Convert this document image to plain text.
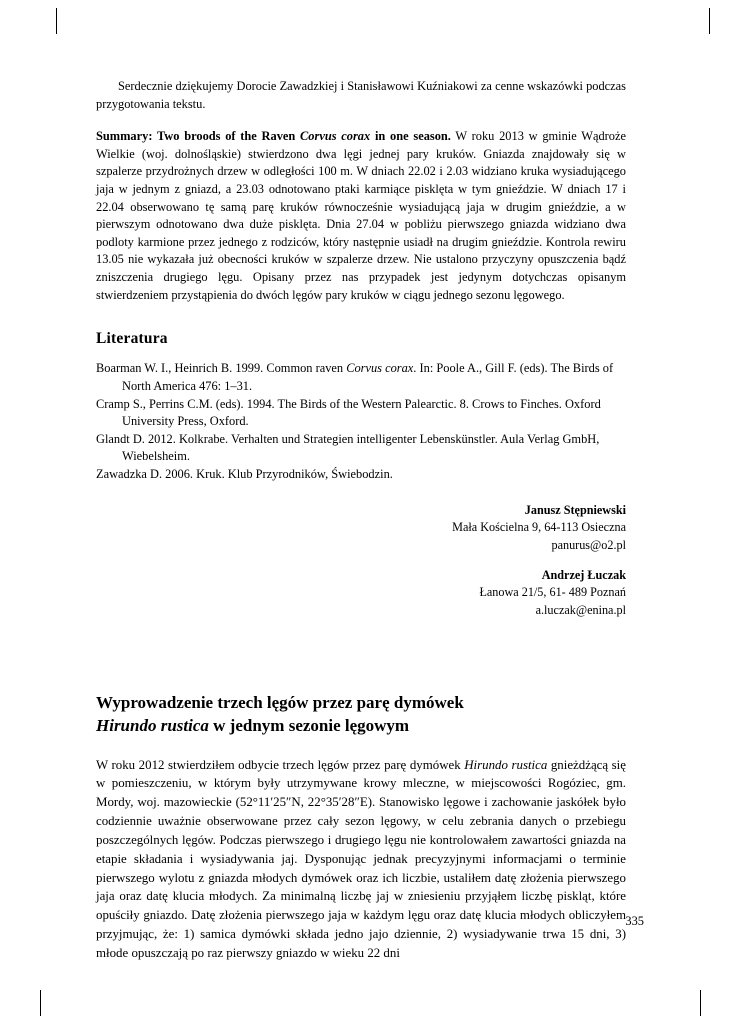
Serdecznie dziękujemy Dorocie Zawadzkiej i Stanisławowi Kuźniakowi za cenne wskazówki podczas przygotowania tekstu.

Summary: Two broods of the Raven Corvus corax in one season. W roku 2013 w gminie Wądroże Wielkie (woj. dolnośląskie) stwierdzono dwa lęgi jednej pary kruków. Gniazda znajdowały się w szpalerze przydrożnych drzew w odległości 100 m. W dniach 22.02 i 2.03 widziano kruka wysiadującego jaja w jednym z gniazd, a 23.03 odnotowano ptaki karmiące pisklęta w tym gnieździe. W dniach 17 i 22.04 obserwowano tę samą parę kruków równocześnie wysiadującą jaja w drugim gnieździe, a w pierwszym odnotowano dwa duże pisklęta. Dnia 27.04 w pobliżu pierwszego gniazda widziano dwa podloty karmione przez jednego z rodziców, który następnie usiadł na drugim gnieździe. Kontrola rewiru 13.05 nie wykazała już obecności kruków w szpalerze drzew. Nie ustalono przyczyny opuszczenia bądź zniszczenia drugiego lęgu. Opisany przez nas przypadek jest jedynym dotychczas opisanym stwierdzeniem przystąpienia do dwóch lęgów pary kruków w ciągu jednego sezonu lęgowego.

Literatura

Boarman W. I., Heinrich B. 1999. Common raven Corvus corax. In: Poole A., Gill F. (eds). The Birds of North America 476: 1–31.

Cramp S., Perrins C.M. (eds). 1994. The Birds of the Western Palearctic. 8. Crows to Finches. Oxford University Press, Oxford.

Glandt D. 2012. Kolkrabe. Verhalten und Strategien intelligenter Lebenskünstler. Aula Verlag GmbH, Wiebelsheim.

Zawadzka D. 2006. Kruk. Klub Przyrodników, Świebodzin.

Janusz Stępniewski
Mała Kościelna 9, 64-113 Osieczna
panurus@o2.pl
Andrzej Łuczak
Łanowa 21/5, 61- 489 Poznań
a.luczak@enina.pl
Wyprowadzenie trzech lęgów przez parę dymówek
Hirundo rustica w jednym sezonie lęgowym

W roku 2012 stwierdziłem odbycie trzech lęgów przez parę dymówek Hirundo rustica gnieżdżącą się w pomieszczeniu, w którym były utrzymywane krowy mleczne, w miejscowości Rogóziec, gm. Mordy, woj. mazowieckie (52°11′25″N, 22°35′28″E). Stanowisko lęgowe i zachowanie jaskółek było codziennie uważnie obserwowane przez cały sezon lęgowy, w celu zebrania danych o przebiegu poszczególnych lęgów. Podczas pierwszego i drugiego lęgu nie kontrolowałem zawartości gniazda na etapie składania i wysiadywania jaj. Dysponując jednak precyzyjnymi informacjami o terminie pierwszego wylotu z gniazda młodych dymówek oraz ich liczbie, ustaliłem datę złożenia pierwszego jaja oraz datę klucia młodych. Za minimalną liczbę jaj w zniesieniu przyjąłem liczbę piskląt, które opuściły gniazdo. Datę złożenia pierwszego jaja w każdym lęgu oraz datę klucia młodych obliczyłem przyjmując, że: 1) samica dymówki składa jedno jajo dziennie, 2) wysiadywanie trwa 15 dni, 3) młode opuszczają po raz pierwszy gniazdo w wieku 22 dni

335
